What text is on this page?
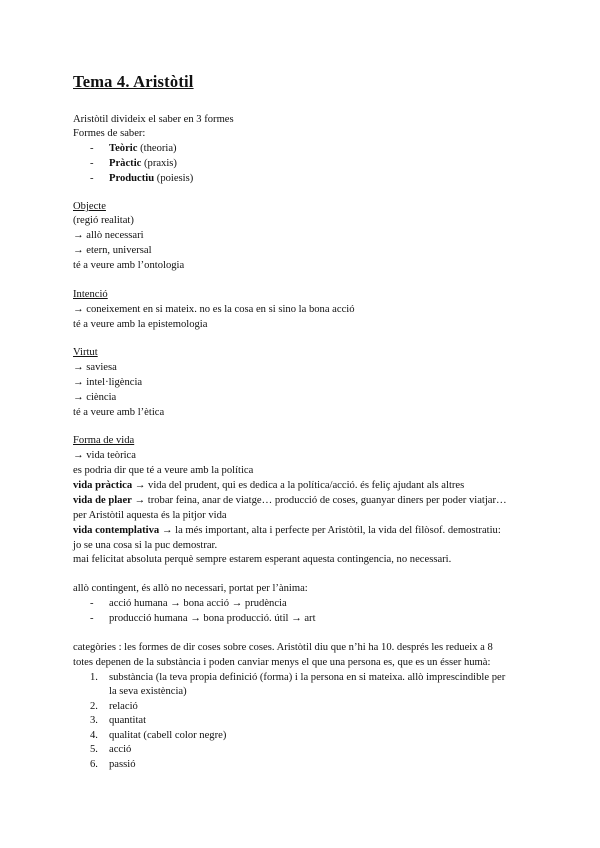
Tema 4. Aristòtil
Aristòtil divideix el saber en 3 formes
Formes de saber:
- Teòric (theoria)
- Pràctic (praxis)
- Productiu (poiesis)
Objecte
(regió realitat)
→ allò necessari
→ etern, universal
té a veure amb l’ontologia
Intenció
→ coneixement en si mateix. no es la cosa en si sino la bona acció
té a veure amb la epistemologia
Virtut
→ saviesa
→ intel·ligència
→ ciència
té a veure amb l’ètica
Forma de vida
→ vida teòrica
es podria dir que té a veure amb la política
vida pràctica → vida del prudent, qui es dedica a la política/acció. és feliç ajudant als altres
vida de plaer → trobar feina, anar de viatge… producció de coses, guanyar diners per poder viatjar…
per Aristòtil aquesta és la pitjor vida
vida contemplativa → la més important, alta i perfecte per Aristòtil, la vida del filòsof. demostratiu:
jo se una cosa si la puc demostrar.
mai felicitat absoluta perquè sempre estarem esperant aquesta contingencia, no necessari.
allò contingent, és allò no necessari, portat per l’ànima:
- acció humana → bona acció → prudència
- producció humana → bona producció. útil → art
categòries : les formes de dir coses sobre coses. Aristòtil diu que n’hi ha 10. després les redueix a 8
totes depenen de la substància i poden canviar menys el que una persona es, que es un ésser humà:
1. substància (la teva propia definició (forma) i la persona en si mateixa. allò imprescindible per
la seva existència)
2. relació
3. quantitat
4. qualitat (cabell color negre)
5. acció
6. passió
